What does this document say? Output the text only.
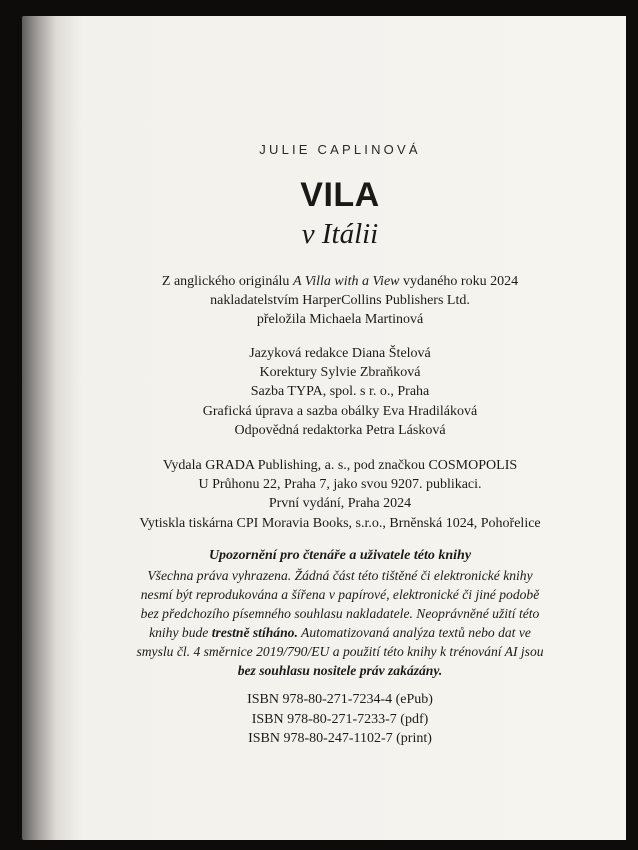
JULIE CAPLINOVÁ
VILA
v Itálii
Z anglického originálu A Villa with a View vydaného roku 2024
nakladatelstvím HarperCollins Publishers Ltd.
přeložila Michaela Martinová
Jazyková redakce Diana Štelová
Korektury Sylvie Zbraňková
Sazba TYPA, spol. s r. o., Praha
Grafická úprava a sazba obálky Eva Hradiláková
Odpovědná redaktorka Petra Lásková
Vydala GRADA Publishing, a. s., pod značkou COSMOPOLIS
U Průhonu 22, Praha 7, jako svou 9207. publikaci.
První vydání, Praha 2024
Vytiskla tiskárna CPI Moravia Books, s.r.o., Brněnská 1024, Pohořelice
Upozornění pro čtenáře a uživatele této knihy
Všechna práva vyhrazena. Žádná část této tištěné či elektronické knihy
nesmí být reprodukována a šířena v papírové, elektronické či jiné podobě
bez předchozího písemného souhlasu nakladatele. Neoprávněné užití této
knihy bude trestně stíháno. Automatizovaná analýza textů nebo dat ve
smyslu čl. 4 směrnice 2019/790/EU a použití této knihy k trénování AI jsou
bez souhlasu nositele práv zakázány.
ISBN 978-80-271-7234-4 (ePub)
ISBN 978-80-271-7233-7 (pdf)
ISBN 978-80-247-1102-7 (print)
